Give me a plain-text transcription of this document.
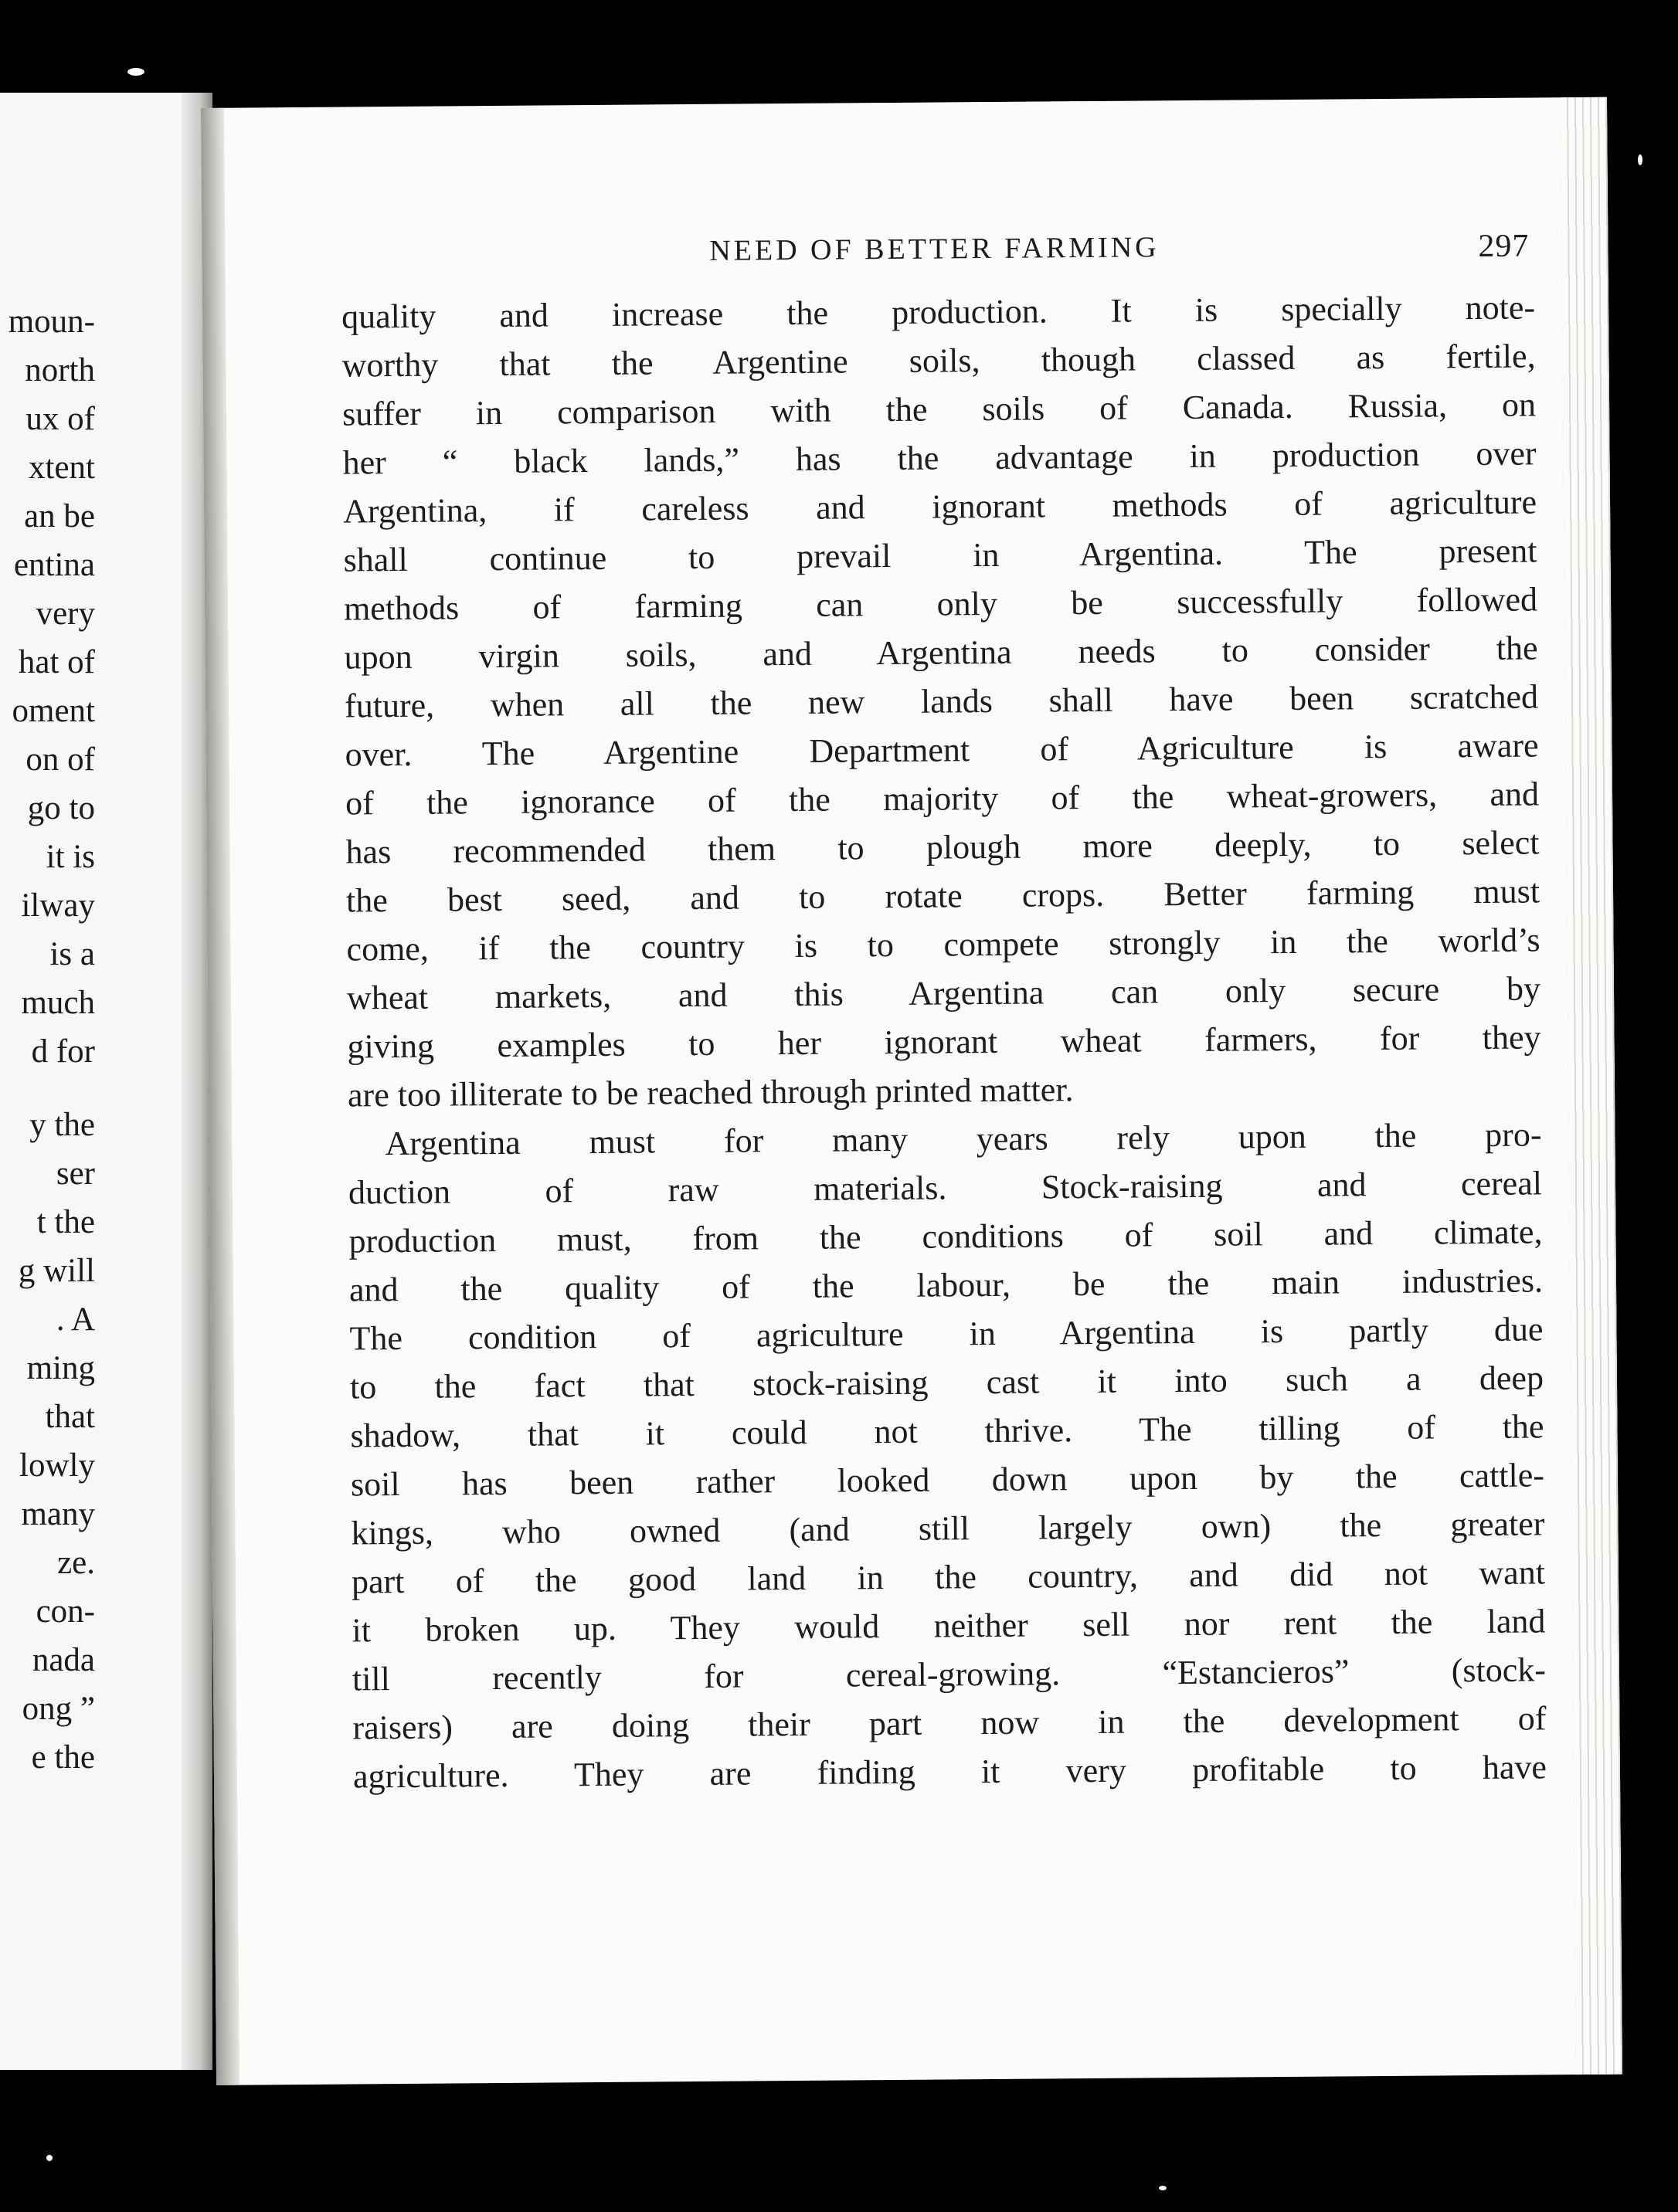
moun-
north
ux of
xtent
an be
entina
very
hat of
oment
on of
go to
it is
ilway
is a
much
d for
y the
ser
t the
g will
. A
ming
that
lowly
many
ze.
con-
nada
ong ”
e the
NEED OF BETTER FARMING	297
quality and increase the production. It is specially note-
worthy that the Argentine soils, though classed as fertile,
suffer in comparison with the soils of Canada. Russia, on
her “ black lands,” has the advantage in production over
Argentina, if careless and ignorant methods of agriculture
shall continue to prevail in Argentina. The present
methods of farming can only be successfully followed
upon virgin soils, and Argentina needs to consider the
future, when all the new lands shall have been scratched
over. The Argentine Department of Agriculture is aware
of the ignorance of the majority of the wheat-growers, and
has recommended them to plough more deeply, to select
the best seed, and to rotate crops. Better farming must
come, if the country is to compete strongly in the world’s
wheat markets, and this Argentina can only secure by
giving examples to her ignorant wheat farmers, for they
are too illiterate to be reached through printed matter.
Argentina must for many years rely upon the pro-
duction of raw materials. Stock-raising and cereal
production must, from the conditions of soil and climate,
and the quality of the labour, be the main industries.
The condition of agriculture in Argentina is partly due
to the fact that stock-raising cast it into such a deep
shadow, that it could not thrive. The tilling of the
soil has been rather looked down upon by the cattle-
kings, who owned (and still largely own) the greater
part of the good land in the country, and did not want
it broken up. They would neither sell nor rent the land
till recently for cereal-growing. “Estancieros” (stock-
raisers) are doing their part now in the development of
agriculture. They are finding it very profitable to have
